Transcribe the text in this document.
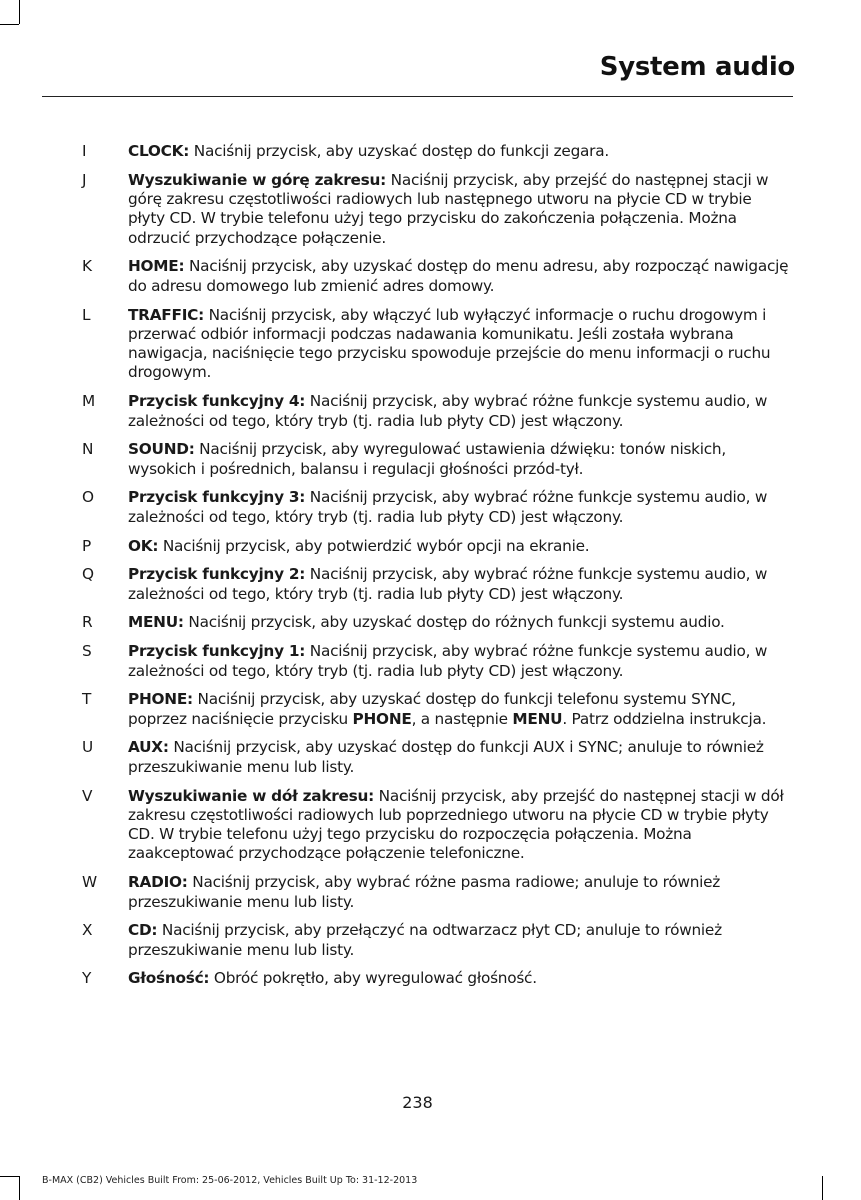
System audio
I	CLOCK: Naciśnij przycisk, aby uzyskać dostęp do funkcji zegara.
J	Wyszukiwanie w górę zakresu: Naciśnij przycisk, aby przejść do następnej stacji w górę zakresu częstotliwości radiowych lub następnego utworu na płycie CD w trybie płyty CD. W trybie telefonu użyj tego przycisku do zakończenia połączenia. Można odrzucić przychodzące połączenie.
K HOME: Naciśnij przycisk, aby uzyskać dostęp do menu adresu, aby rozpocząć nawigację do adresu domowego lub zmienić adres domowy.
L TRAFFIC: Naciśnij przycisk, aby włączyć lub wyłączyć informacje o ruchu drogowym i przerwać odbiór informacji podczas nadawania komunikatu. Jeśli została wybrana nawigacja, naciśnięcie tego przycisku spowoduje przejście do menu informacji o ruchu drogowym.
M Przycisk funkcyjny 4: Naciśnij przycisk, aby wybrać różne funkcje systemu audio, w zależności od tego, który tryb (tj. radia lub płyty CD) jest włączony.
N SOUND: Naciśnij przycisk, aby wyregulować ustawienia dźwięku: tonów niskich, wysokich i pośrednich, balansu i regulacji głośności przód-tył.
O Przycisk funkcyjny 3: Naciśnij przycisk, aby wybrać różne funkcje systemu audio, w zależności od tego, który tryb (tj. radia lub płyty CD) jest włączony.
P OK: Naciśnij przycisk, aby potwierdzić wybór opcji na ekranie.
Q Przycisk funkcyjny 2: Naciśnij przycisk, aby wybrać różne funkcje systemu audio, w zależności od tego, który tryb (tj. radia lub płyty CD) jest włączony.
R MENU: Naciśnij przycisk, aby uzyskać dostęp do różnych funkcji systemu audio.
S Przycisk funkcyjny 1: Naciśnij przycisk, aby wybrać różne funkcje systemu audio, w zależności od tego, który tryb (tj. radia lub płyty CD) jest włączony.
T PHONE: Naciśnij przycisk, aby uzyskać dostęp do funkcji telefonu systemu SYNC, poprzez naciśnięcie przycisku PHONE, a następnie MENU. Patrz oddzielna instrukcja.
U AUX: Naciśnij przycisk, aby uzyskać dostęp do funkcji AUX i SYNC; anuluje to również przeszukiwanie menu lub listy.
V Wyszukiwanie w dół zakresu: Naciśnij przycisk, aby przejść do następnej stacji w dół zakresu częstotliwości radiowych lub poprzedniego utworu na płycie CD w trybie płyty CD. W trybie telefonu użyj tego przycisku do rozpoczęcia połączenia. Można zaakceptować przychodzące połączenie telefoniczne.
W RADIO: Naciśnij przycisk, aby wybrać różne pasma radiowe; anuluje to również przeszukiwanie menu lub listy.
X CD: Naciśnij przycisk, aby przełączyć na odtwarzacz płyt CD; anuluje to również przeszukiwanie menu lub listy.
Y Głośność: Obróć pokrętło, aby wyregulować głośność.
238
B-MAX (CB2) Vehicles Built From: 25-06-2012, Vehicles Built Up To: 31-12-2013
